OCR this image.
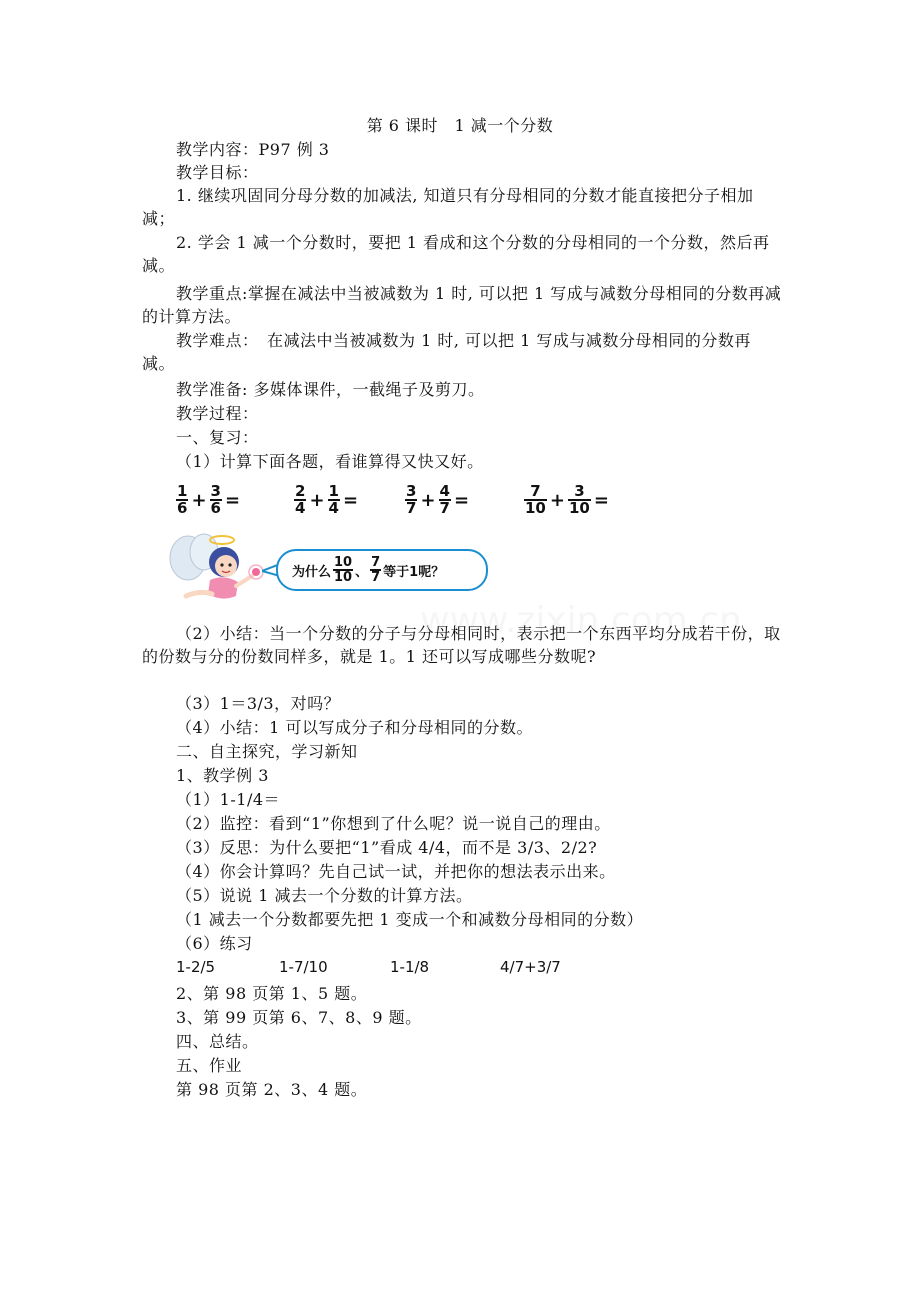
第 6 课时　1 减一个分数
教学内容：P97 例 3
教学目标：
1. 继续巩固同分母分数的加减法, 知道只有分母相同的分数才能直接把分子相加减；
2. 学会 1 减一个分数时，要把 1 看成和这个分数的分母相同的一个分数，然后再减。
教学重点:掌握在减法中当被减数为 1 时, 可以把 1 写成与减数分母相同的分数再减的计算方法。
教学难点：　在减法中当被减数为 1 时, 可以把 1 写成与减数分母相同的分数再减。
教学准备: 多媒体课件，一截绳子及剪刀。
教学过程：
一、复习：
（1）计算下面各题，看谁算得又快又好。
$\frac{1}{6} + \frac{3}{6}$ =	$\frac{2}{4} + \frac{1}{4}$ =	$\frac{3}{7} + \frac{4}{7}$ =	$\frac{7}{10} + \frac{3}{10}$ =
为什么 $\frac{10}{10}$ 、 $\frac{7}{7}$ 等于1呢？
（2）小结：当一个分数的分子与分母相同时，表示把一个东西平均分成若干份，取的份数与分的份数同样多，就是 1。1 还可以写成哪些分数呢?
（3）1＝3/3，对吗？
（4）小结：1 可以写成分子和分母相同的分数。
二、自主探究，学习新知
1、教学例 3
（1）1-1/4＝
（2）监控：看到“1”你想到了什么呢？说一说自己的理由。
（3）反思：为什么要把“1”看成 4/4，而不是 3/3、2/2?
（4）你会计算吗？先自己试一试，并把你的想法表示出来。
（5）说说 1 减去一个分数的计算方法。
（1 减去一个分数都要先把 1 变成一个和减数分母相同的分数）
（6）练习
1-2/5	1-7/10	1-1/8	4/7+3/7
2、第 98 页第 1、5 题。
3、第 99 页第 6、7、8、9 题。
四、总结。
五、作业
第 98 页第 2、3、4 题。
